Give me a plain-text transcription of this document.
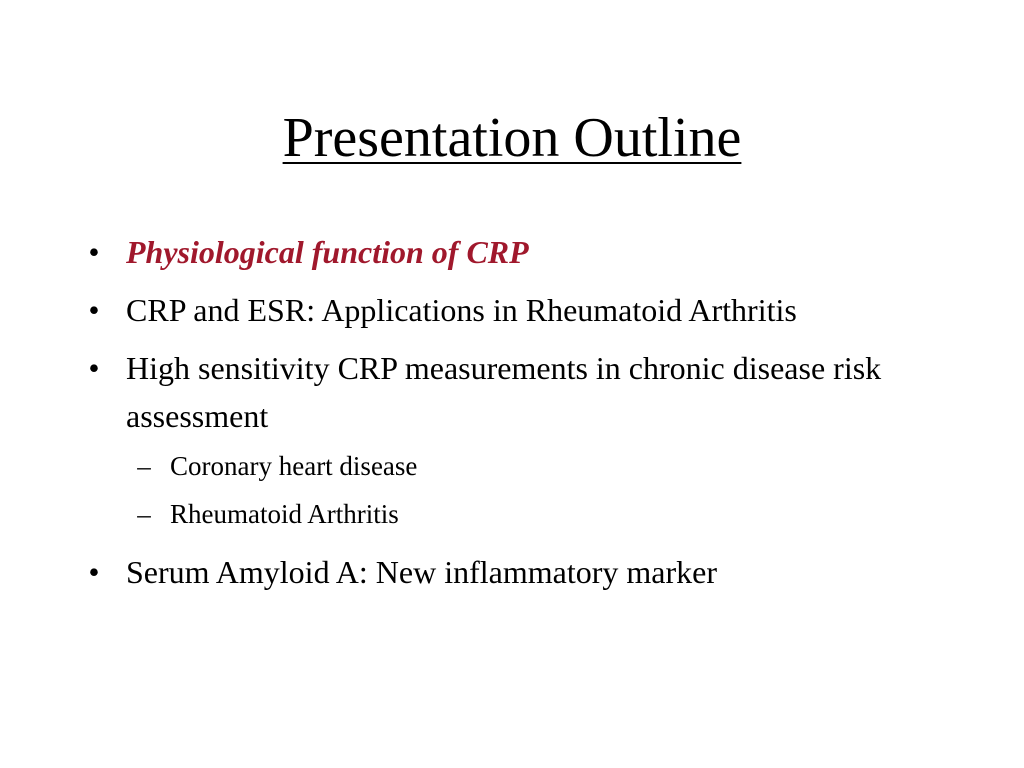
Presentation Outline
• Physiological function of CRP
• CRP and ESR: Applications in Rheumatoid Arthritis
• High sensitivity CRP measurements in chronic disease risk assessment
– Coronary heart disease
– Rheumatoid Arthritis
• Serum Amyloid A: New inflammatory marker
